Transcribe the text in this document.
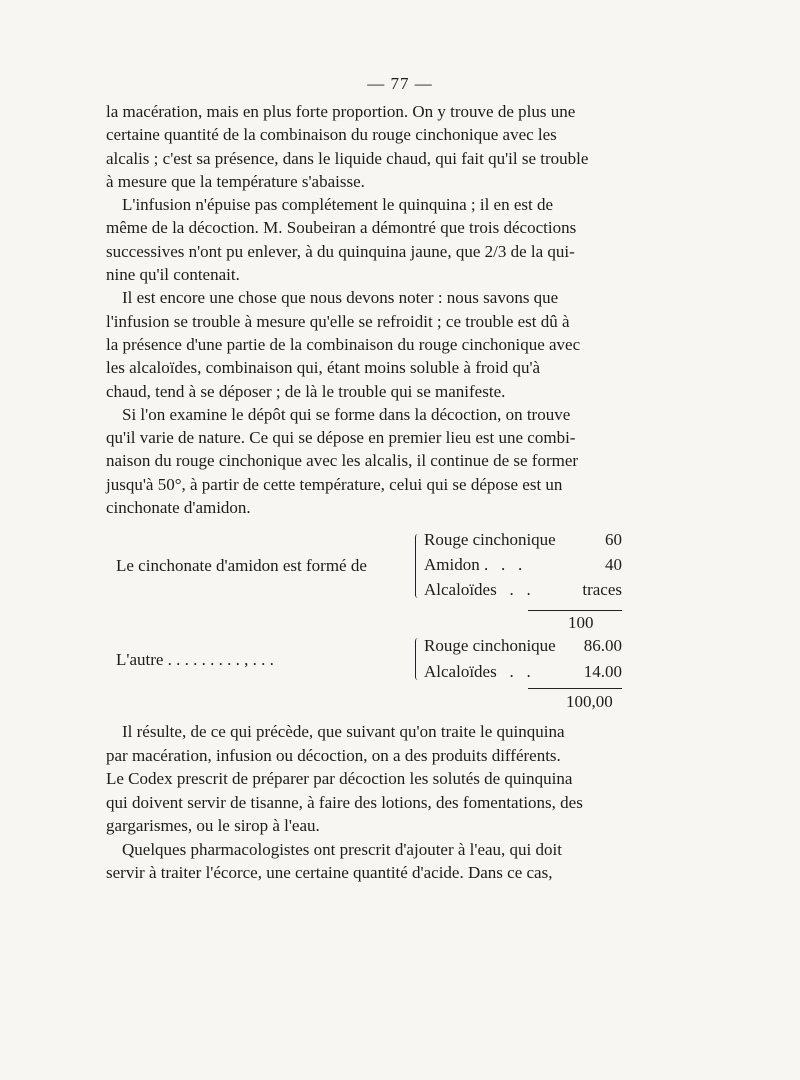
— 77 —

la macération, mais en plus forte proportion. On y trouve de plus une
certaine quantité de la combinaison du rouge cinchonique avec les
alcalis ; c'est sa présence, dans le liquide chaud, qui fait qu'il se trouble
à mesure que la température s'abaisse.

L'infusion n'épuise pas complétement le quinquina ; il en est de
même de la décoction. M. Soubeiran a démontré que trois décoctions
successives n'ont pu enlever, à du quinquina jaune, que 2/3 de la qui-
nine qu'il contenait.

Il est encore une chose que nous devons noter : nous savons que
l'infusion se trouble à mesure qu'elle se refroidit ; ce trouble est dû à
la présence d'une partie de la combinaison du rouge cinchonique avec
les alcaloïdes, combinaison qui, étant moins soluble à froid qu'à
chaud, tend à se déposer ; de là le trouble qui se manifeste.

Si l'on examine le dépôt qui se forme dans la décoction, on trouve
qu'il varie de nature. Ce qui se dépose en premier lieu est une combi-
naison du rouge cinchonique avec les alcalis, il continue de se former
jusqu'à 50°, à partir de cette température, celui qui se dépose est un
cinchonate d'amidon.

Le cinchonate d'amidon est formé de
Rouge cinchonique	60
Amidon .   .   .	40
Alcaloïdes   .   .	traces
100
L'autre . . . . . . . . . , . . .
Rouge cinchonique 86.00
Alcaloïdes   .   .	14.00
100,00

Il résulte, de ce qui précède, que suivant qu'on traite le quinquina
par macération, infusion ou décoction, on a des produits différents.
Le Codex prescrit de préparer par décoction les solutés de quinquina
qui doivent servir de tisanne, à faire des lotions, des fomentations, des
gargarismes, ou le sirop à l'eau.

Quelques pharmacologistes ont prescrit d'ajouter à l'eau, qui doit
servir à traiter l'écorce, une certaine quantité d'acide. Dans ce cas,
